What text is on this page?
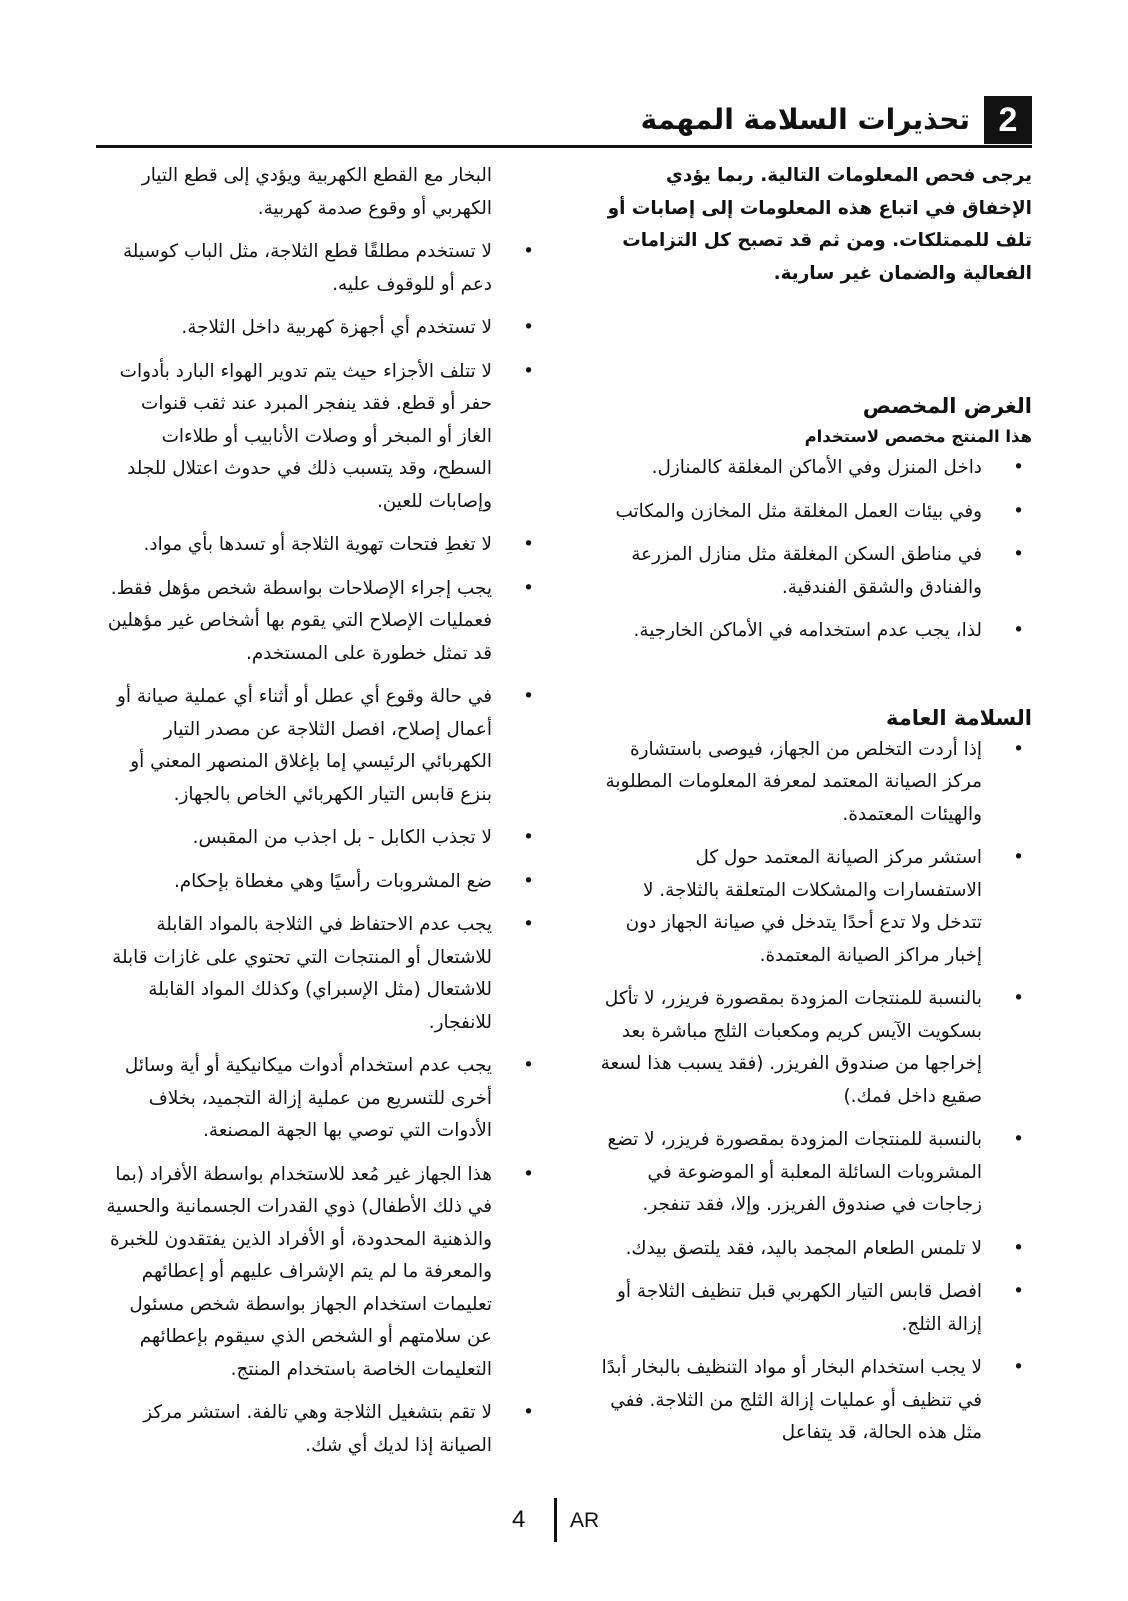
2
تحذيرات السلامة المهمة

يرجى فحص المعلومات التالية. ربما يؤدي الإخفاق في اتباع هذه المعلومات إلى إصابات أو تلف للممتلكات. ومن ثم قد تصبح كل التزامات الفعالية والضمان غير سارية.

الغرض المخصص
هذا المنتج مخصص لاستخدام
• داخل المنزل وفي الأماكن المغلقة كالمنازل.
• وفي بيئات العمل المغلقة مثل المخازن والمكاتب
• في مناطق السكن المغلقة مثل منازل المزرعة والفنادق والشقق الفندقية.
• لذا، يجب عدم استخدامه في الأماكن الخارجية.
السلامة العامة
• إذا أردت التخلص من الجهاز، فيوصى باستشارة مركز الصيانة المعتمد لمعرفة المعلومات المطلوبة والهيئات المعتمدة.
• استشر مركز الصيانة المعتمد حول كل الاستفسارات والمشكلات المتعلقة بالثلاجة. لا تتدخل ولا تدع أحدًا يتدخل في صيانة الجهاز دون إخبار مراكز الصيانة المعتمدة.
• بالنسبة للمنتجات المزودة بمقصورة فريزر، لا تأكل بسكويت الآيس كريم ومكعبات الثلج مباشرة بعد إخراجها من صندوق الفريزر. (فقد يسبب هذا لسعة صقيع داخل فمك.)
• بالنسبة للمنتجات المزودة بمقصورة فريزر، لا تضع المشروبات السائلة المعلبة أو الموضوعة في زجاجات في صندوق الفريزر. وإلا، فقد تنفجر.
• لا تلمس الطعام المجمد باليد، فقد يلتصق بيدك.
• افصل قابس التيار الكهربي قبل تنظيف الثلاجة أو إزالة الثلج.
• لا يجب استخدام البخار أو مواد التنظيف بالبخار أبدًا في تنظيف أو عمليات إزالة الثلج من الثلاجة. ففي مثل هذه الحالة، قد يتفاعل

البخار مع القطع الكهربية ويؤدي إلى قطع التيار الكهربي أو وقوع صدمة كهربية.

• لا تستخدم مطلقًا قطع الثلاجة، مثل الباب كوسيلة دعم أو للوقوف عليه.
• لا تستخدم أي أجهزة كهربية داخل الثلاجة.
• لا تتلف الأجزاء حيث يتم تدوير الهواء البارد بأدوات حفر أو قطع. فقد ينفجر المبرد عند ثقب قنوات الغاز أو المبخر أو وصلات الأنابيب أو طلاءات السطح، وقد يتسبب ذلك في حدوث اعتلال للجلد وإصابات للعين.
• لا تغطِ فتحات تهوية الثلاجة أو تسدها بأي مواد.
• يجب إجراء الإصلاحات بواسطة شخص مؤهل فقط. فعمليات الإصلاح التي يقوم بها أشخاص غير مؤهلين قد تمثل خطورة على المستخدم.
• في حالة وقوع أي عطل أو أثناء أي عملية صيانة أو أعمال إصلاح، افصل الثلاجة عن مصدر التيار الكهربائي الرئيسي إما بإغلاق المنصهر المعني أو بنزع قابس التيار الكهربائي الخاص بالجهاز.
• لا تجذب الكابل - بل اجذب من المقبس.
• ضع المشروبات رأسيًا وهي مغطاة بإحكام.
• يجب عدم الاحتفاظ في الثلاجة بالمواد القابلة للاشتعال أو المنتجات التي تحتوي على غازات قابلة للاشتعال (مثل الإسبراي) وكذلك المواد القابلة للانفجار.
• يجب عدم استخدام أدوات ميكانيكية أو أية وسائل أخرى للتسريع من عملية إزالة التجميد، بخلاف الأدوات التي توصي بها الجهة المصنعة.
• هذا الجهاز غير مُعد للاستخدام بواسطة الأفراد (بما في ذلك الأطفال) ذوي القدرات الجسمانية والحسية والذهنية المحدودة، أو الأفراد الذين يفتقدون للخبرة والمعرفة ما لم يتم الإشراف عليهم أو إعطائهم تعليمات استخدام الجهاز بواسطة شخص مسئول عن سلامتهم أو الشخص الذي سيقوم بإعطائهم التعليمات الخاصة باستخدام المنتج.
• لا تقم بتشغيل الثلاجة وهي تالفة. استشر مركز الصيانة إذا لديك أي شك.
4 AR
